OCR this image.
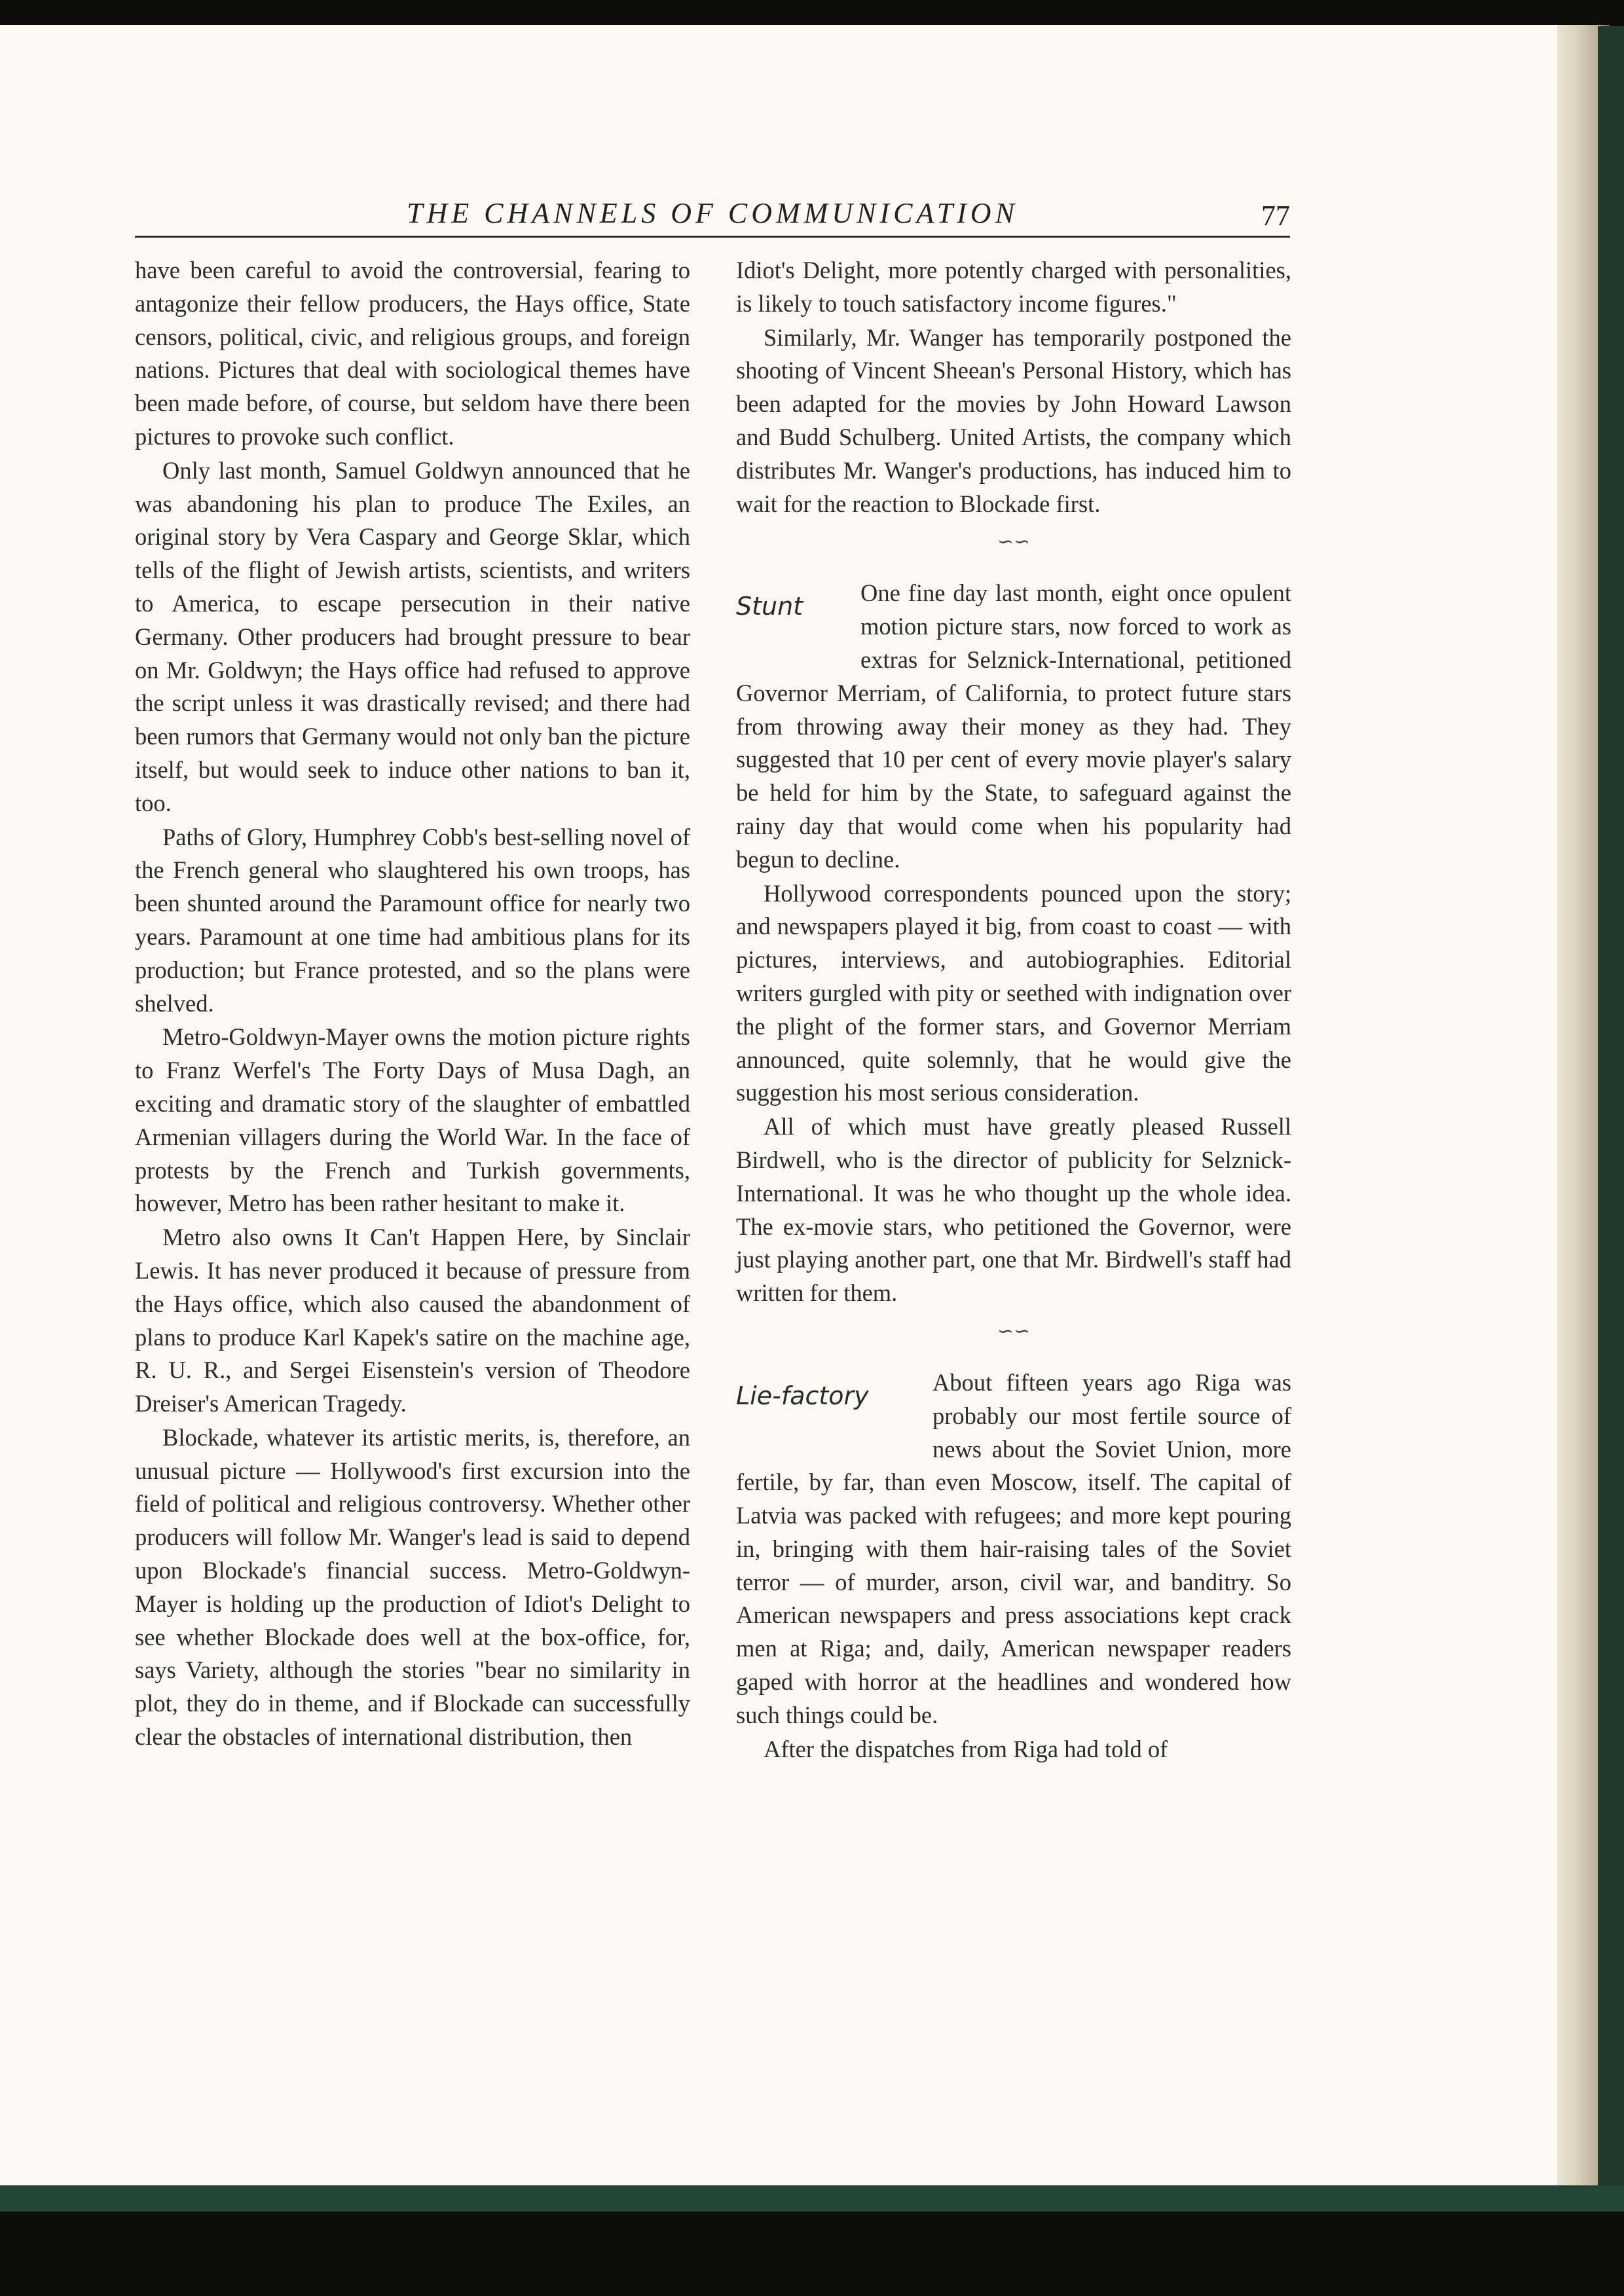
THE CHANNELS OF COMMUNICATION	77

have been careful to avoid the controversial, fearing to antagonize their fellow producers, the Hays office, State censors, political, civic, and religious groups, and foreign nations. Pictures that deal with sociological themes have been made before, of course, but seldom have there been pictures to provoke such conflict.

Only last month, Samuel Goldwyn announced that he was abandoning his plan to produce The Exiles, an original story by Vera Caspary and George Sklar, which tells of the flight of Jewish artists, scientists, and writers to America, to escape persecution in their native Germany. Other producers had brought pressure to bear on Mr. Goldwyn; the Hays office had refused to approve the script unless it was drastically revised; and there had been rumors that Germany would not only ban the picture itself, but would seek to induce other nations to ban it, too.

Paths of Glory, Humphrey Cobb's best-selling novel of the French general who slaughtered his own troops, has been shunted around the Paramount office for nearly two years. Paramount at one time had ambitious plans for its production; but France protested, and so the plans were shelved.

Metro-Goldwyn-Mayer owns the motion picture rights to Franz Werfel's The Forty Days of Musa Dagh, an exciting and dramatic story of the slaughter of embattled Armenian villagers during the World War. In the face of protests by the French and Turkish governments, however, Metro has been rather hesitant to make it.

Metro also owns It Can't Happen Here, by Sinclair Lewis. It has never produced it because of pressure from the Hays office, which also caused the abandonment of plans to produce Karl Kapek's satire on the machine age, R. U. R., and Sergei Eisenstein's version of Theodore Dreiser's American Tragedy.

Blockade, whatever its artistic merits, is, therefore, an unusual picture — Hollywood's first excursion into the field of political and religious controversy. Whether other producers will follow Mr. Wanger's lead is said to depend upon Blockade's financial success. Metro-Goldwyn-Mayer is holding up the production of Idiot's Delight to see whether Blockade does well at the box-office, for, says Variety, although the stories "bear no similarity in plot, they do in theme, and if Blockade can successfully clear the obstacles of international distribution, then

Idiot's Delight, more potently charged with personalities, is likely to touch satisfactory income figures."

Similarly, Mr. Wanger has temporarily postponed the shooting of Vincent Sheean's Personal History, which has been adapted for the movies by John Howard Lawson and Budd Schulberg. United Artists, the company which distributes Mr. Wanger's productions, has induced him to wait for the reaction to Blockade first.

∽∽
Stunt	One fine day last month, eight once opulent motion picture stars, now forced to work as extras for Selznick-International, petitioned Governor Merriam, of California, to protect future stars from throwing away their money as they had. They suggested that 10 per cent of every movie player's salary be held for him by the State, to safeguard against the rainy day that would come when his popularity had begun to decline.

Hollywood correspondents pounced upon the story; and newspapers played it big, from coast to coast — with pictures, interviews, and autobiographies. Editorial writers gurgled with pity or seethed with indignation over the plight of the former stars, and Governor Merriam announced, quite solemnly, that he would give the suggestion his most serious consideration.

All of which must have greatly pleased Russell Birdwell, who is the director of publicity for Selznick-International. It was he who thought up the whole idea. The ex-movie stars, who petitioned the Governor, were just playing another part, one that Mr. Birdwell's staff had written for them.

∽∽
Lie-factory	About fifteen years ago Riga was probably our most fertile source of news about the Soviet Union, more fertile, by far, than even Moscow, itself. The capital of Latvia was packed with refugees; and more kept pouring in, bringing with them hair-raising tales of the Soviet terror — of murder, arson, civil war, and banditry. So American newspapers and press associations kept crack men at Riga; and, daily, American newspaper readers gaped with horror at the headlines and wondered how such things could be.

After the dispatches from Riga had told of
